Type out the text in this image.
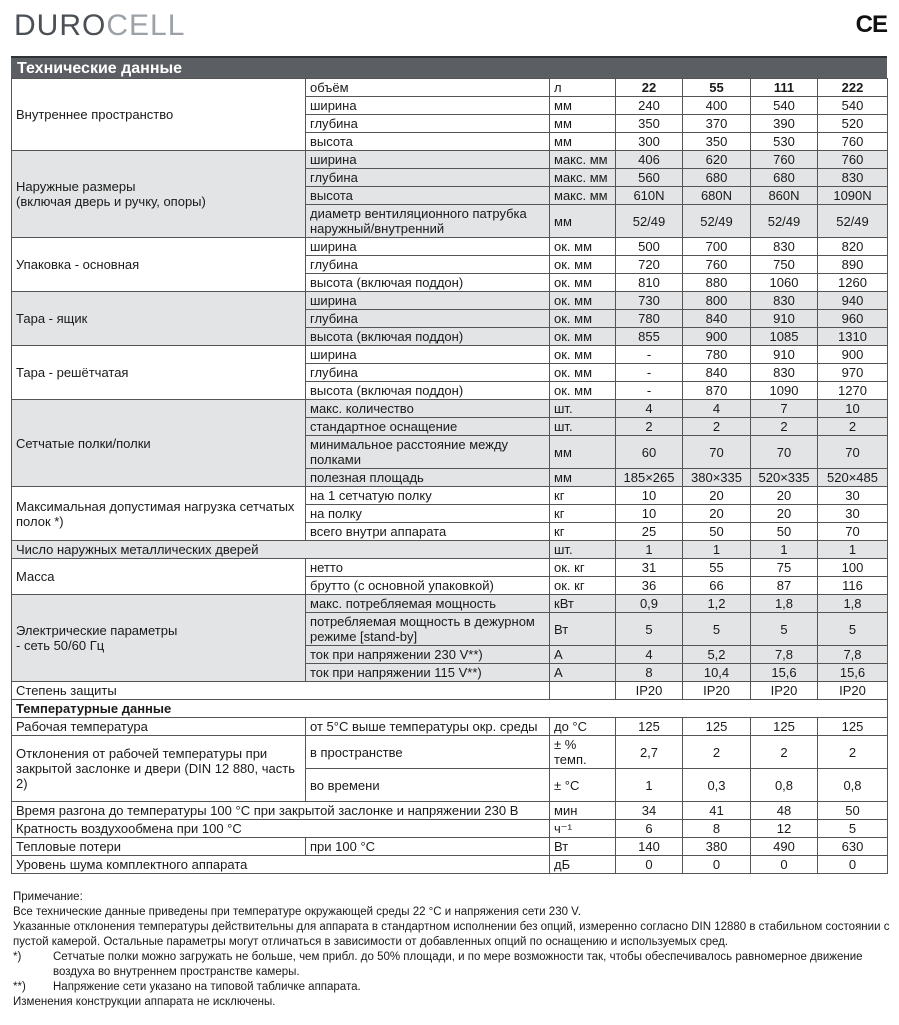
DUROCELL	CE
Технические данные
Внутреннее пространство	объём	л	22	55	111	222
	ширина	мм	240	400	540	540
	глубина	мм	350	370	390	520
	высота	мм	300	350	530	760
Наружные размеры
(включая дверь и ручку, опоры)	ширина	макс. мм	406	620	760	760
	глубина	макс. мм	560	680	680	830
	высота	макс. мм	610N	680N	860N	1090N
	диаметр вентиляционного патрубка наружный/внутренний	мм	52/49	52/49	52/49	52/49
Упаковка - основная	ширина	ок. мм	500	700	830	820
	глубина	ок. мм	720	760	750	890
	высота (включая поддон)	ок. мм	810	880	1060	1260
Тара - ящик	ширина	ок. мм	730	800	830	940
	глубина	ок. мм	780	840	910	960
	высота (включая поддон)	ок. мм	855	900	1085	1310
Тара - решётчатая	ширина	ок. мм	-	780	910	900
	глубина	ок. мм	-	840	830	970
	высота (включая поддон)	ок. мм	-	870	1090	1270
Сетчатые полки/полки	макс. количество	шт.	4	4	7	10
	стандартное оснащение	шт.	2	2	2	2
	минимальное расстояние между полками	мм	60	70	70	70
	полезная площадь	мм	185×265	380×335	520×335	520×485
Максимальная допустимая нагрузка сетчатых полок *)	на 1 сетчатую полку	кг	10	20	20	30
	на полку	кг	10	20	20	30
	всего внутри аппарата	кг	25	50	50	70
Число наружных металлических дверей		шт.	1	1	1	1
Масса	нетто	ок. кг	31	55	75	100
	брутто (с основной упаковкой)	ок. кг	36	66	87	116
Электрические параметры
- сеть 50/60 Гц	макс. потребляемая мощность	кВт	0,9	1,2	1,8	1,8
	потребляемая мощность в дежурном режиме [stand-by]	Вт	5	5	5	5
	ток при напряжении 230 V**)	A	4	5,2	7,8	7,8
	ток при напряжении 115 V**)	A	8	10,4	15,6	15,6
Степень защиты			IP20	IP20	IP20	IP20
Температурные данные						
Рабочая температура	от 5°С выше температуры окр. среды	до °С	125	125	125	125
Отклонения от рабочей температуры при закрытой заслонке и двери (DIN 12 880, часть 2)	в пространстве	± % темп.	2,7	2	2	2
	во времени	± °С	1	0,3	0,8	0,8
Время разгона до температуры 100 °С при закрытой заслонке и напряжении 230 В		мин	34	41	48	50
Кратность воздухообмена при 100 °С		ч⁻¹	6	8	12	5
Тепловые потери	при 100 °С	Вт	140	380	490	630
Уровень шума комплектного аппарата		дБ	0	0	0	0
Примечание:
Все технические данные приведены при температуре окружающей среды 22 °С и напряжения сети 230 V.
Указанные отклонения температуры действительны для аппарата в стандартном исполнении без опций, измеренно согласно DIN 12880 в стабильном состоянии с пустой камерой. Остальные параметры могут отличаться в зависимости от добавленных опций по оснащению и используемых сред.
*)	Сетчатые полки можно загружать не больше, чем прибл. до 50% площади, и по мере возможности так, чтобы обеспечивалось равномерное движение воздуха во внутреннем пространстве камеры.
**)	Напряжение сети указано на типовой табличке аппарата.
Изменения конструкции аппарата не исключены.
